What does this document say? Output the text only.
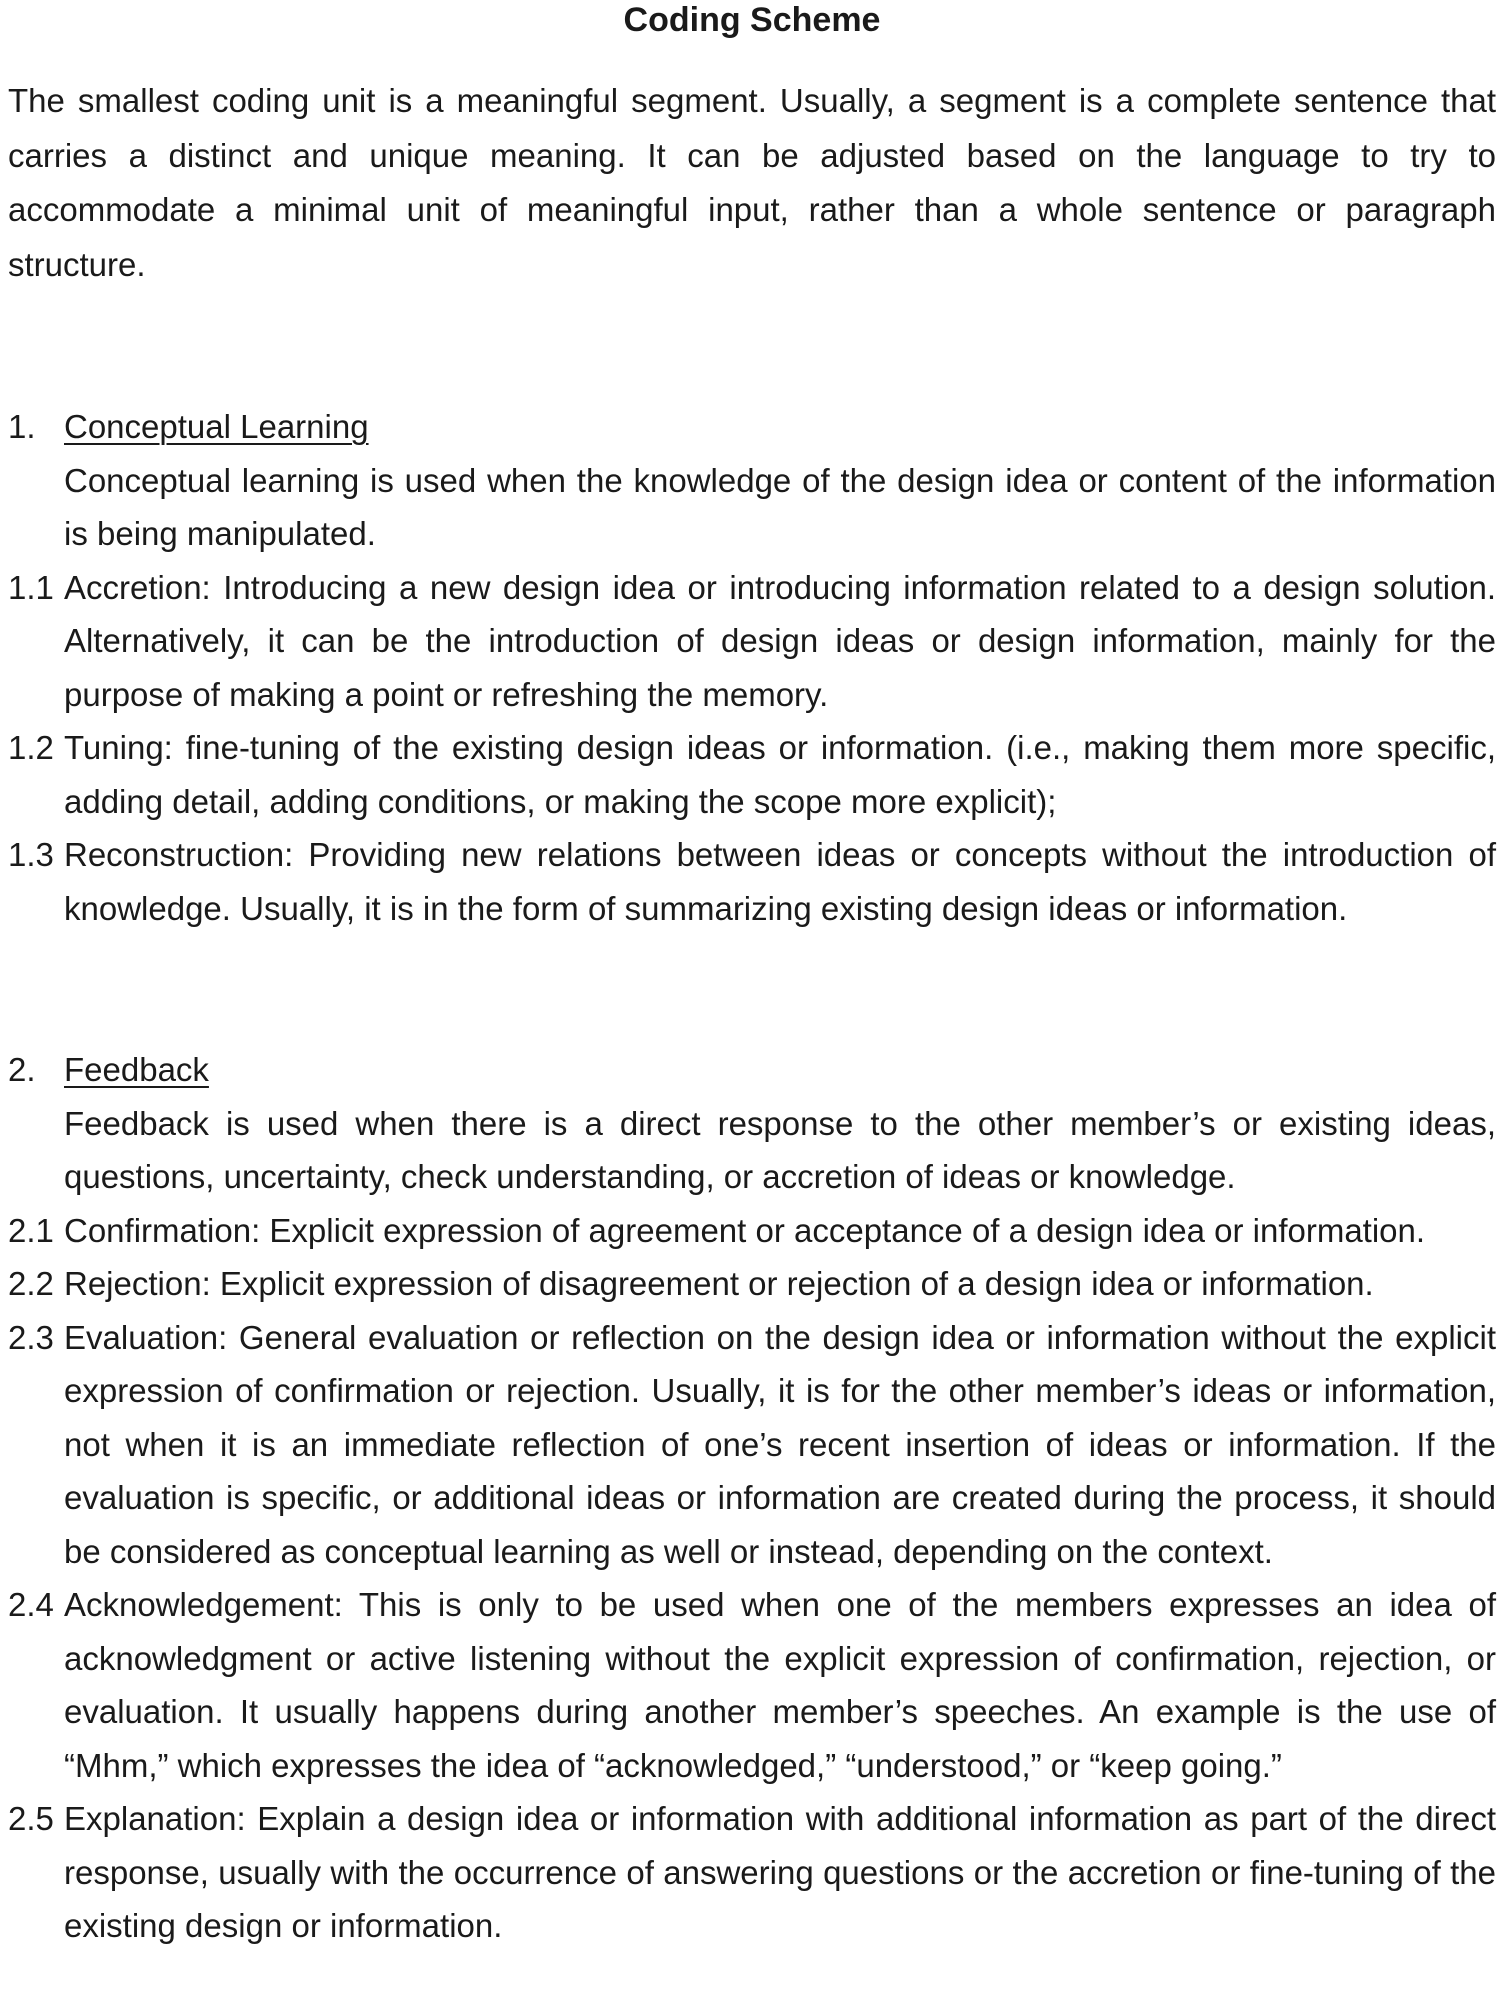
Coding Scheme

The smallest coding unit is a meaningful segment. Usually, a segment is a complete sentence that carries a distinct and unique meaning. It can be adjusted based on the language to try to accommodate a minimal unit of meaningful input, rather than a whole sentence or paragraph structure.

1. Conceptual Learning

Conceptual learning is used when the knowledge of the design idea or content of the information is being manipulated.

1.1 Accretion: Introducing a new design idea or introducing information related to a design solution. Alternatively, it can be the introduction of design ideas or design information, mainly for the purpose of making a point or refreshing the memory.
1.2 Tuning: fine-tuning of the existing design ideas or information. (i.e., making them more specific, adding detail, adding conditions, or making the scope more explicit);
1.3 Reconstruction: Providing new relations between ideas or concepts without the introduction of knowledge. Usually, it is in the form of summarizing existing design ideas or information.
2. Feedback

Feedback is used when there is a direct response to the other member’s or existing ideas, questions, uncertainty, check understanding, or accretion of ideas or knowledge.

2.1 Confirmation: Explicit expression of agreement or acceptance of a design idea or information.
2.2 Rejection: Explicit expression of disagreement or rejection of a design idea or information.
2.3 Evaluation: General evaluation or reflection on the design idea or information without the explicit expression of confirmation or rejection. Usually, it is for the other member’s ideas or information, not when it is an immediate reflection of one’s recent insertion of ideas or information. If the evaluation is specific, or additional ideas or information are created during the process, it should be considered as conceptual learning as well or instead, depending on the context.
2.4 Acknowledgement: This is only to be used when one of the members expresses an idea of acknowledgment or active listening without the explicit expression of confirmation, rejection, or evaluation. It usually happens during another member’s speeches. An example is the use of “Mhm,” which expresses the idea of “acknowledged,” “understood,” or “keep going.”
2.5 Explanation: Explain a design idea or information with additional information as part of the direct response, usually with the occurrence of answering questions or the accretion or fine-tuning of the existing design or information.
